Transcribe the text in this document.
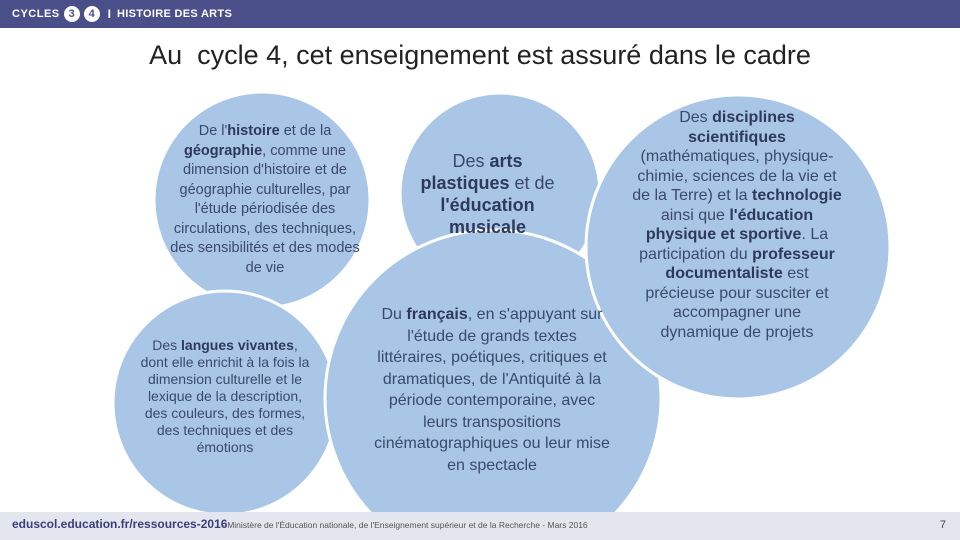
CYCLES 3	4	I HISTOIRE DES ARTS
Au  cycle 4, cet enseignement est assuré dans le cadre
De l'histoire et de la géographie, comme une dimension d'histoire et de géographie culturelles, par l'étude périodisée des circulations, des techniques, des sensibilités et des modes de vie
Des langues vivantes, dont elle enrichit à la fois la dimension culturelle et le lexique de la description, des couleurs, des formes, des techniques et des émotions
Des arts plastiques et de l'éducation musicale
Du français, en s'appuyant sur l'étude de grands textes littéraires, poétiques, critiques et dramatiques, de l'Antiquité à la période contemporaine, avec leurs transpositions cinématographiques ou leur mise en spectacle
Des disciplines scientifiques (mathématiques, physique-chimie, sciences de la vie et de la Terre) et la technologie ainsi que l'éducation physique et sportive. La participation du professeur documentaliste est précieuse pour susciter et accompagner une dynamique de projets
eduscol.education.fr/ressources-2016
- Ministère de l'Éducation nationale, de l'Enseignement supérieur et de la Recherche - Mars 2016	7
